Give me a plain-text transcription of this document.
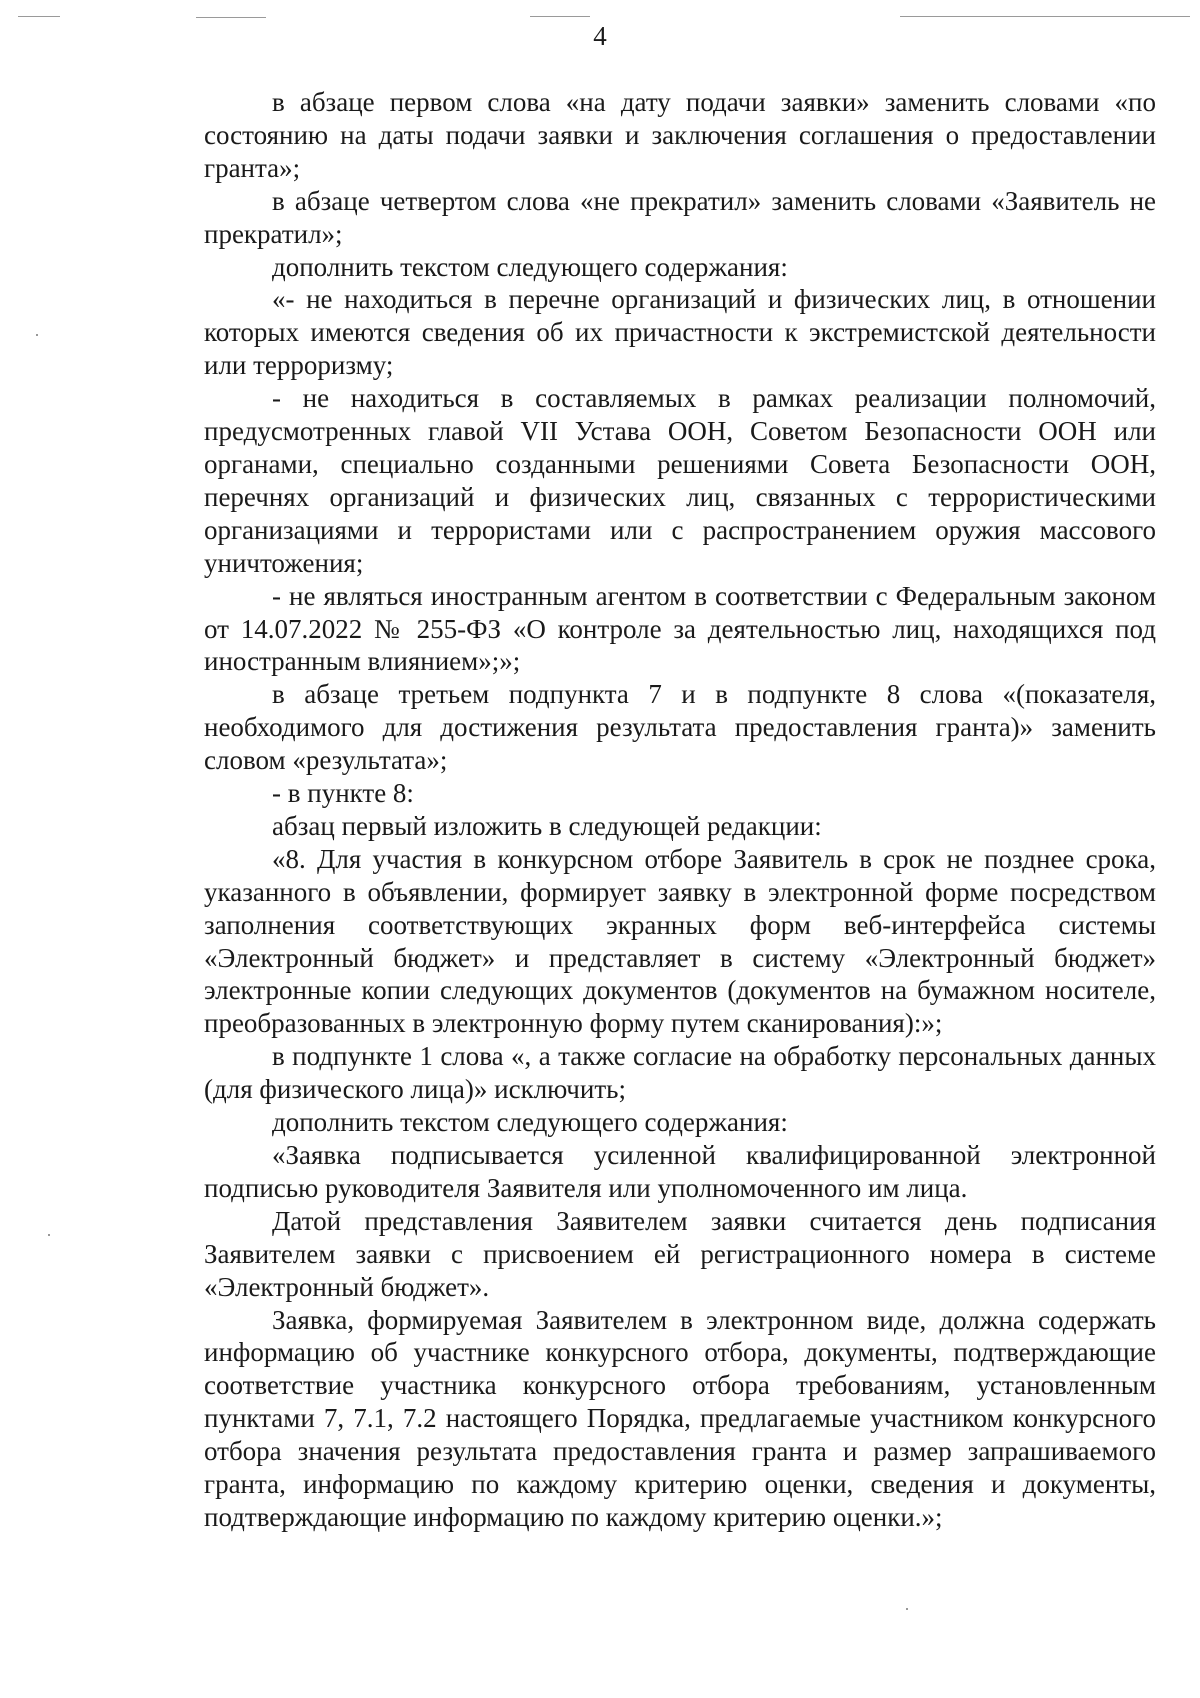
4

в абзаце первом слова «на дату подачи заявки» заменить словами «по состоянию на даты подачи заявки и заключения соглашения о предоставлении гранта»;

в абзаце четвертом слова «не прекратил» заменить словами «Заявитель не прекратил»;

дополнить текстом следующего содержания:

«- не находиться в перечне организаций и физических лиц, в отношении которых имеются сведения об их причастности к экстремистской деятельности или терроризму;

- не находиться в составляемых в рамках реализации полномочий, предусмотренных главой VII Устава ООН, Советом Безопасности ООН или органами, специально созданными решениями Совета Безопасности ООН, перечнях организаций и физических лиц, связанных с террористическими организациями и террористами или с распространением оружия массового уничтожения;

- не являться иностранным агентом в соответствии с Федеральным законом от 14.07.2022 № 255-ФЗ «О контроле за деятельностью лиц, находящихся под иностранным влиянием»;»;

в абзаце третьем подпункта 7 и в подпункте 8 слова «(показателя, необходимого для достижения результата предоставления гранта)» заменить словом «результата»;

- в пункте 8:

абзац первый изложить в следующей редакции:

«8. Для участия в конкурсном отборе Заявитель в срок не позднее срока, указанного в объявлении, формирует заявку в электронной форме посредством заполнения соответствующих экранных форм веб-интерфейса системы «Электронный бюджет» и представляет в систему «Электронный бюджет» электронные копии следующих документов (документов на бумажном носителе, преобразованных в электронную форму путем сканирования):»;

в подпункте 1 слова «, а также согласие на обработку персональных данных (для физического лица)» исключить;

дополнить текстом следующего содержания:

«Заявка подписывается усиленной квалифицированной электронной подписью руководителя Заявителя или уполномоченного им лица.

Датой представления Заявителем заявки считается день подписания Заявителем заявки с присвоением ей регистрационного номера в системе «Электронный бюджет».

Заявка, формируемая Заявителем в электронном виде, должна содержать информацию об участнике конкурсного отбора, документы, подтверждающие соответствие участника конкурсного отбора требованиям, установленным пунктами 7, 7.1, 7.2 настоящего Порядка, предлагаемые участником конкурсного отбора значения результата предоставления гранта и размер запрашиваемого гранта, информацию по каждому критерию оценки, сведения и документы, подтверждающие информацию по каждому критерию оценки.»;
